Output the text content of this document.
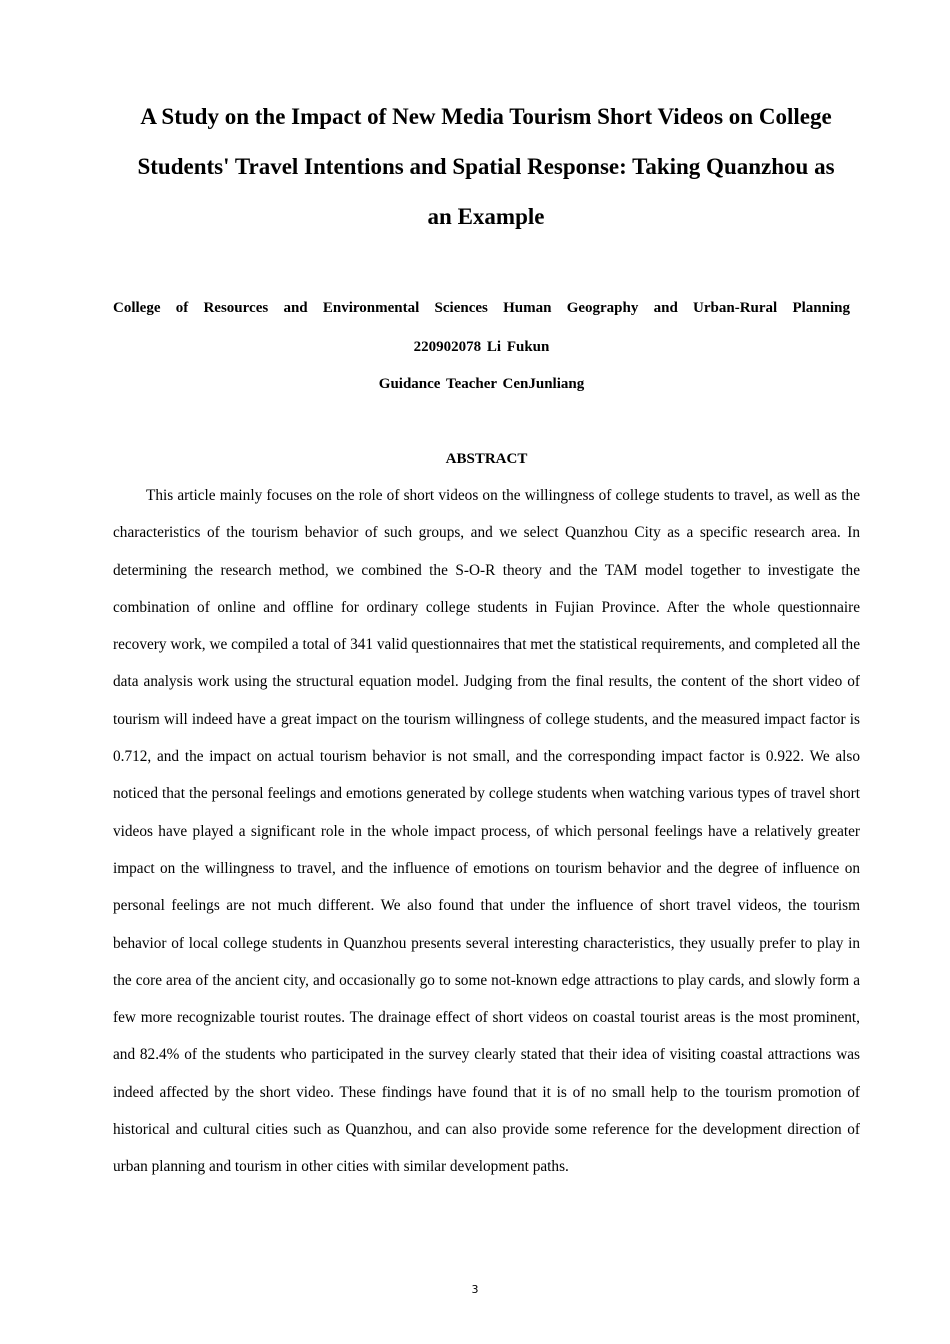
A Study on the Impact of New Media Tourism Short Videos on College
Students' Travel Intentions and Spatial Response: Taking Quanzhou as
an Example

College of Resources and Environmental Sciences Human Geography and Urban-Rural Planning

220902078 Li Fukun

Guidance Teacher CenJunliang

ABSTRACT

This article mainly focuses on the role of short videos on the willingness of college students to travel, as well as the characteristics of the tourism behavior of such groups, and we select Quanzhou City as a specific research area. In determining the research method, we combined the S-O-R theory and the TAM model together to investigate the combination of online and offline for ordinary college students in Fujian Province. After the whole questionnaire recovery work, we compiled a total of 341 valid questionnaires that met the statistical requirements, and completed all the data analysis work using the structural equation model. Judging from the final results, the content of the short video of tourism will indeed have a great impact on the tourism willingness of college students, and the measured impact factor is 0.712, and the impact on actual tourism behavior is not small, and the corresponding impact factor is 0.922. We also noticed that the personal feelings and emotions generated by college students when watching various types of travel short videos have played a significant role in the whole impact process, of which personal feelings have a relatively greater impact on the willingness to travel, and the influence of emotions on tourism behavior and the degree of influence on personal feelings are not much different. We also found that under the influence of short travel videos, the tourism behavior of local college students in Quanzhou presents several interesting characteristics, they usually prefer to play in the core area of the ancient city, and occasionally go to some not-known edge attractions to play cards, and slowly form a few more recognizable tourist routes. The drainage effect of short videos on coastal tourist areas is the most prominent, and 82.4% of the students who participated in the survey clearly stated that their idea of visiting coastal attractions was indeed affected by the short video. These findings have found that it is of no small help to the tourism promotion of historical and cultural cities such as Quanzhou, and can also provide some reference for the development direction of urban planning and tourism in other cities with similar development paths.

3
